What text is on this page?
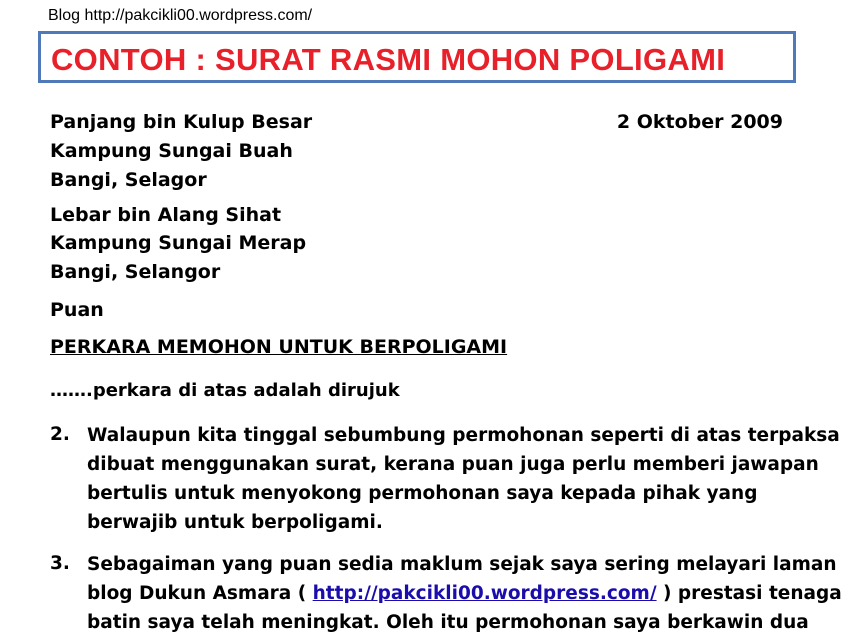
Blog http://pakcikli00.wordpress.com/
CONTOH : SURAT RASMI MOHON POLIGAMI
Panjang bin Kulup Besar
Kampung Sungai Buah
Bangi, Selagor
2 Oktober 2009
Lebar bin Alang Sihat
Kampung Sungai Merap
Bangi, Selangor
Puan
PERKARA MEMOHON UNTUK BERPOLIGAMI
…….perkara di atas adalah dirujuk
2. Walaupun kita tinggal sebumbung permohonan seperti di atas terpaksa
dibuat menggunakan surat, kerana puan juga perlu memberi jawapan
bertulis untuk menyokong permohonan saya kepada pihak yang
berwajib untuk berpoligami.
3. Sebagaiman yang puan sedia maklum sejak saya sering melayari laman
blog Dukun Asmara ( http://pakcikli00.wordpress.com/ ) prestasi tenaga
batin saya telah meningkat. Oleh itu permohonan saya berkawin dua
